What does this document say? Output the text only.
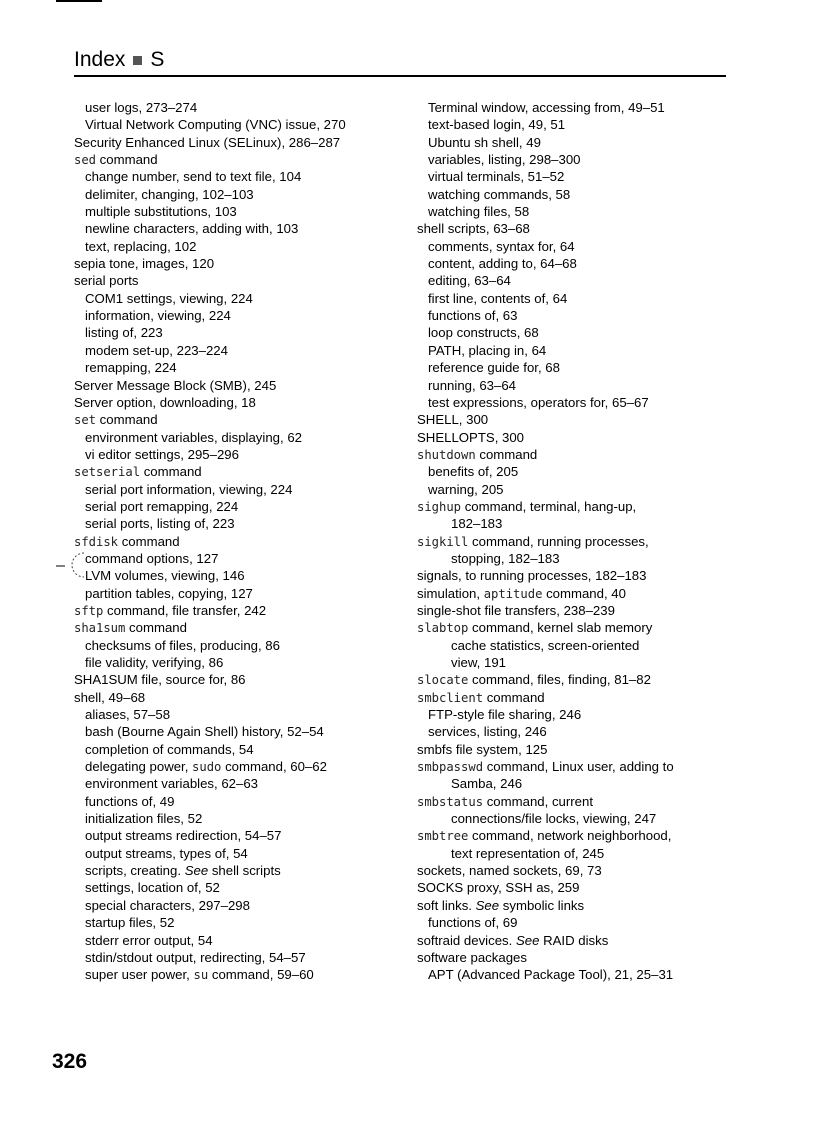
Index S
user logs, 273–274
Virtual Network Computing (VNC) issue, 270
Security Enhanced Linux (SELinux), 286–287
sed command
change number, send to text file, 104
delimiter, changing, 102–103
multiple substitutions, 103
newline characters, adding with, 103
text, replacing, 102
sepia tone, images, 120
serial ports
COM1 settings, viewing, 224
information, viewing, 224
listing of, 223
modem set-up, 223–224
remapping, 224
Server Message Block (SMB), 245
Server option, downloading, 18
set command
environment variables, displaying, 62
vi editor settings, 295–296
setserial command
serial port information, viewing, 224
serial port remapping, 224
serial ports, listing of, 223
sfdisk command
command options, 127
LVM volumes, viewing, 146
partition tables, copying, 127
sftp command, file transfer, 242
sha1sum command
checksums of files, producing, 86
file validity, verifying, 86
SHA1SUM file, source for, 86
shell, 49–68
aliases, 57–58
bash (Bourne Again Shell) history, 52–54
completion of commands, 54
delegating power, sudo command, 60–62
environment variables, 62–63
functions of, 49
initialization files, 52
output streams redirection, 54–57
output streams, types of, 54
scripts, creating. See shell scripts
settings, location of, 52
special characters, 297–298
startup files, 52
stderr error output, 54
stdin/stdout output, redirecting, 54–57
super user power, su command, 59–60
Terminal window, accessing from, 49–51
text-based login, 49, 51
Ubuntu sh shell, 49
variables, listing, 298–300
virtual terminals, 51–52
watching commands, 58
watching files, 58
shell scripts, 63–68
comments, syntax for, 64
content, adding to, 64–68
editing, 63–64
first line, contents of, 64
functions of, 63
loop constructs, 68
PATH, placing in, 64
reference guide for, 68
running, 63–64
test expressions, operators for, 65–67
SHELL, 300
SHELLOPTS, 300
shutdown command
benefits of, 205
warning, 205
sighup command, terminal, hang-up,
182–183
sigkill command, running processes,
stopping, 182–183
signals, to running processes, 182–183
simulation, aptitude command, 40
single-shot file transfers, 238–239
slabtop command, kernel slab memory
cache statistics, screen-oriented
view, 191
slocate command, files, finding, 81–82
smbclient command
FTP-style file sharing, 246
services, listing, 246
smbfs file system, 125
smbpasswd command, Linux user, adding to
Samba, 246
smbstatus command, current
connections/file locks, viewing, 247
smbtree command, network neighborhood,
text representation of, 245
sockets, named sockets, 69, 73
SOCKS proxy, SSH as, 259
soft links. See symbolic links
functions of, 69
softraid devices. See RAID disks
software packages
APT (Advanced Package Tool), 21, 25–31
326
